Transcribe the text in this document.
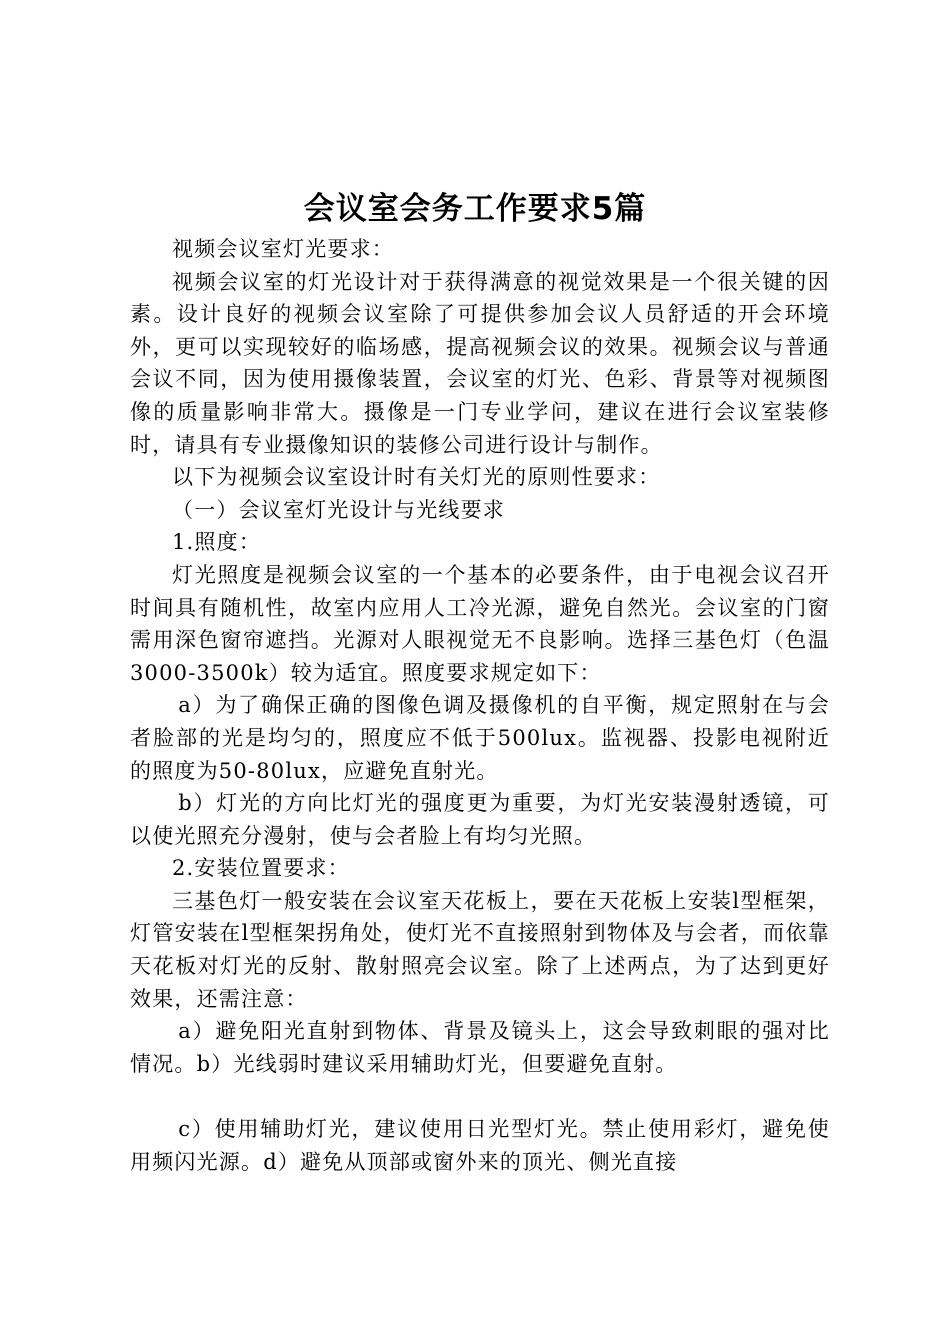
会议室会务工作要求5篇

视频会议室灯光要求：

视频会议室的灯光设计对于获得满意的视觉效果是一个很关键的因素。设计良好的视频会议室除了可提供参加会议人员舒适的开会环境外，更可以实现较好的临场感，提高视频会议的效果。视频会议与普通会议不同，因为使用摄像装置，会议室的灯光、色彩、背景等对视频图像的质量影响非常大。摄像是一门专业学问，建议在进行会议室装修时，请具有专业摄像知识的装修公司进行设计与制作。

以下为视频会议室设计时有关灯光的原则性要求：

（一）会议室灯光设计与光线要求

1.照度：

灯光照度是视频会议室的一个基本的必要条件，由于电视会议召开时间具有随机性，故室内应用人工冷光源，避免自然光。会议室的门窗需用深色窗帘遮挡。光源对人眼视觉无不良影响。选择三基色灯（色温3000-3500k）较为适宜。照度要求规定如下：

a）为了确保正确的图像色调及摄像机的自平衡，规定照射在与会者脸部的光是均匀的，照度应不低于500lux。监视器、投影电视附近的照度为50-80lux，应避免直射光。

b）灯光的方向比灯光的强度更为重要，为灯光安装漫射透镜，可以使光照充分漫射，使与会者脸上有均匀光照。

2.安装位置要求：

三基色灯一般安装在会议室天花板上，要在天花板上安装l型框架，灯管安装在l型框架拐角处，使灯光不直接照射到物体及与会者，而依靠天花板对灯光的反射、散射照亮会议室。除了上述两点，为了达到更好效果，还需注意：

a）避免阳光直射到物体、背景及镜头上，这会导致刺眼的强对比情况。b）光线弱时建议采用辅助灯光，但要避免直射。

c）使用辅助灯光，建议使用日光型灯光。禁止使用彩灯，避免使用频闪光源。d）避免从顶部或窗外来的顶光、侧光直接
